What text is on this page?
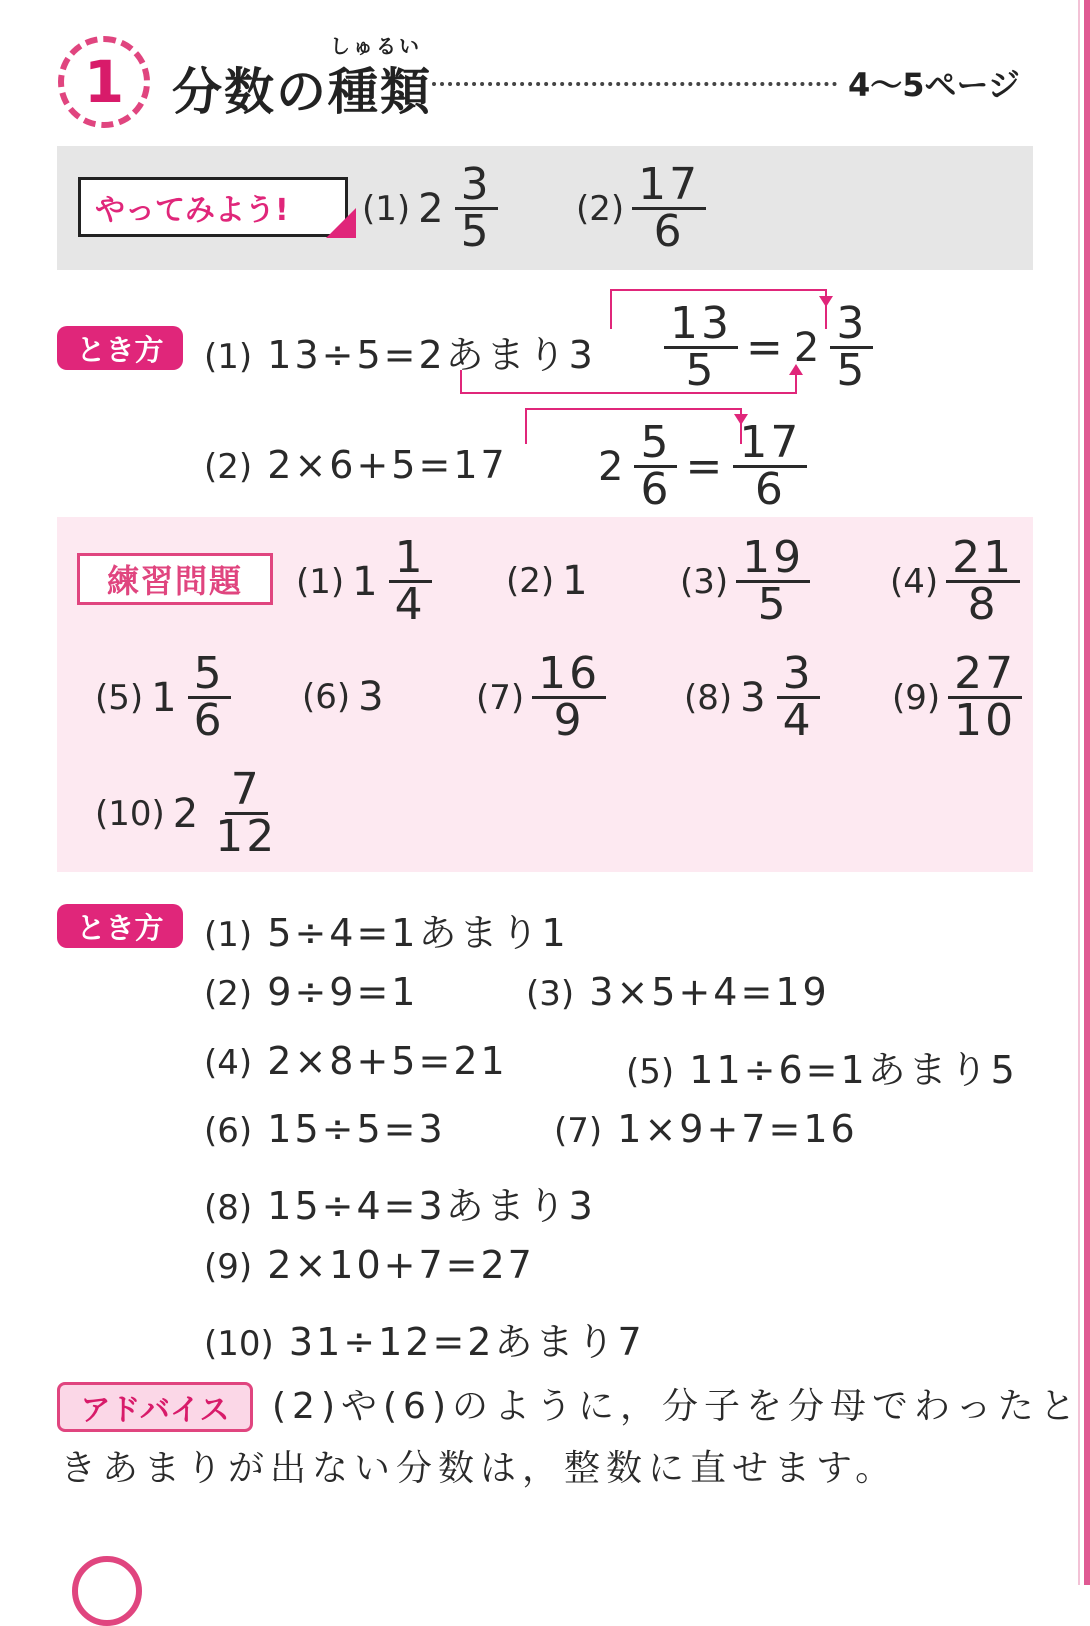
1
しゅるい
分数の種類	4〜5ページ
やってみよう!	(1) $2 \frac{3}{5} (2) \frac{17}{6}$
とき方	(1) 13÷5=2あまり$3 \frac{13}{5} = 2 \frac{3}{5}$
(2) 2×6+5=17 $2 \frac{5}{6} = \frac{17}{6}$
練習問題	(1) $1 \frac{1}{4} (2)$ 1	$(3) \frac{19}{5} (4) \frac{21}{8}$
(5) $1 \frac{5}{6} (6)$ 3	$(7) \frac{16}{9} (8)$ $3 \frac{3}{4} (9) \frac{27}{10}$
(10) $2 \frac{7}{12}$
とき方	(1) 5÷4=1あまり1
(2) 9÷9=1	(3) 3×5+4=19
(4) 2×8+5=21	(5) 11÷6=1あまり5
(6) 15÷5=3	(7) 1×9+7=16
(8) 15÷4=3あまり3
(9) 2×10+7=27
(10) 31÷12=2あまり7
アドバイス	(2)や(6)のように，分子を分母でわったと
きあまりが出ない分数は，整数に直せます。
